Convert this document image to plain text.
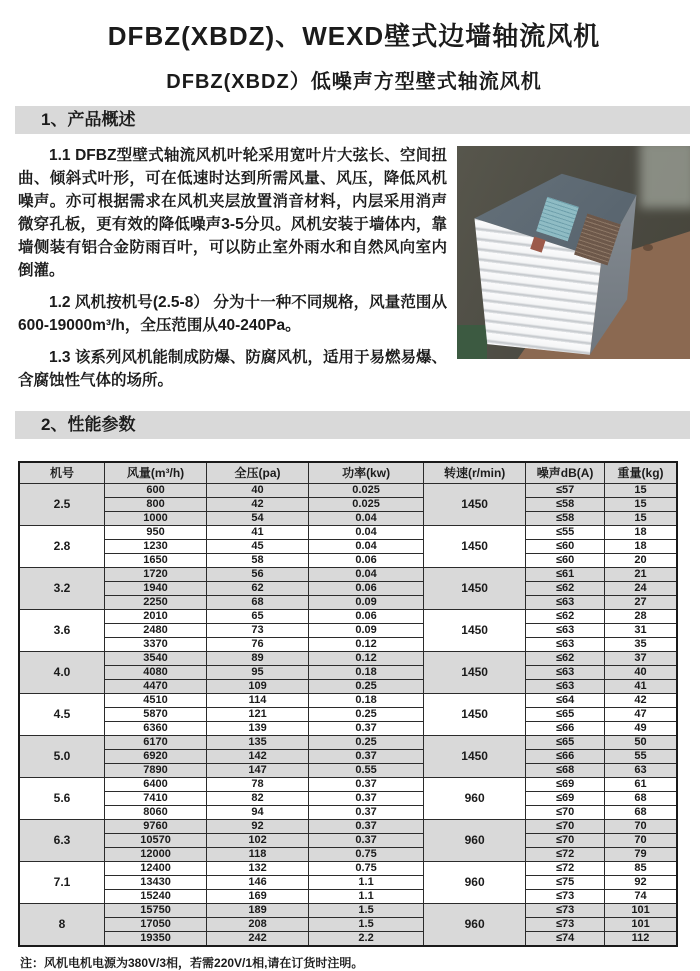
DFBZ(XBDZ)、WEXD壁式边墙轴流风机
DFBZ(XBDZ）低噪声方型壁式轴流风机
1、产品概述

1.1 DFBZ型壁式轴流风机叶轮采用宽叶片大弦长、空间扭曲、倾斜式叶形，可在低速时达到所需风量、风压，降低风机噪声。亦可根据需求在风机夹层放置消音材料，内层采用消声微穿孔板，更有效的降低噪声3-5分贝。风机安装于墙体内，靠墙侧装有铝合金防雨百叶，可以防止室外雨水和自然风向室内倒灌。

1.2 风机按机号(2.5-8） 分为十一种不同规格，风量范围从600-19000m³/h，全压范围从40-240Pa。

1.3 该系列风机能制成防爆、防腐风机，适用于易燃易爆、含腐蚀性气体的场所。

2、性能参数
机号	风量(m³/h)	全压(pa)	功率(kw)	转速(r/min)	噪声dB(A)	重量(kg)
2.5	600	40	0.025	1450	≤57	15
	800	42	0.025		≤58	15
	1000	54	0.04		≤58	15
2.8	950	41	0.04	1450	≤55	18
	1230	45	0.04		≤60	18
	1650	58	0.06		≤60	20
3.2	1720	56	0.04	1450	≤61	21
	1940	62	0.06		≤62	24
	2250	68	0.09		≤63	27
3.6	2010	65	0.06	1450	≤62	28
	2480	73	0.09		≤63	31
	3370	76	0.12		≤63	35
4.0	3540	89	0.12	1450	≤62	37
	4080	95	0.18		≤63	40
	4470	109	0.25		≤63	41
4.5	4510	114	0.18	1450	≤64	42
	5870	121	0.25		≤65	47
	6360	139	0.37		≤66	49
5.0	6170	135	0.25	1450	≤65	50
	6920	142	0.37		≤66	55
	7890	147	0.55		≤68	63
5.6	6400	78	0.37	960	≤69	61
	7410	82	0.37		≤69	68
	8060	94	0.37		≤70	68
6.3	9760	92	0.37	960	≤70	70
	10570	102	0.37		≤70	70
	12000	118	0.75		≤72	79
7.1	12400	132	0.75	960	≤72	85
	13430	146	1.1		≤75	92
	15240	169	1.1		≤73	74
8	15750	189	1.5	960	≤73	101
	17050	208	1.5		≤73	101
	19350	242	2.2		≤74	112

注：风机电机电源为380V/3相，若需220V/1相,请在订货时注明。
